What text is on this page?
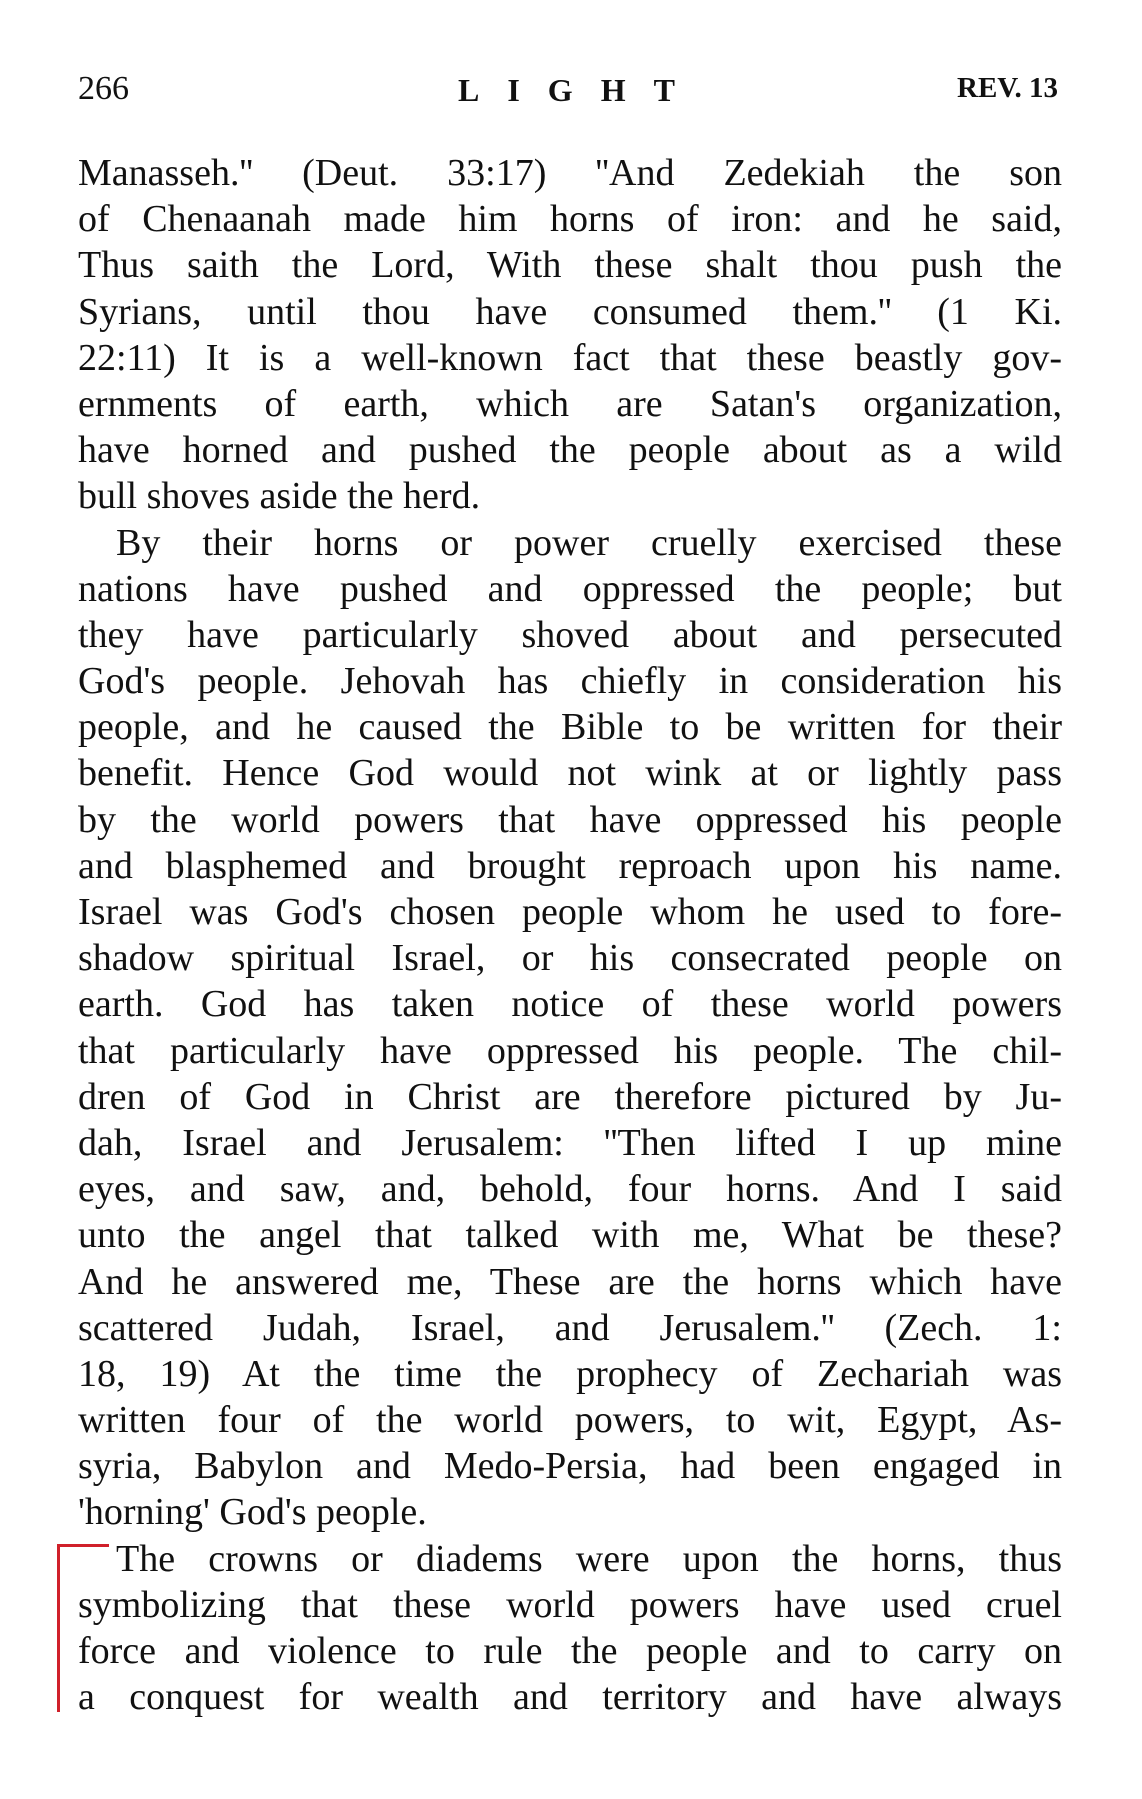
266	LIGHT	REV. 13
Manasseh.'' (Deut. 33:17) ''And Zedekiah the son
of Chenaanah made him horns of iron: and he said,
Thus saith the Lord, With these shalt thou push the
Syrians, until thou have consumed them.'' (1 Ki.
22:11) It is a well-known fact that these beastly gov-
ernments of earth, which are Satan's organization,
have horned and pushed the people about as a wild
bull shoves aside the herd.
By their horns or power cruelly exercised these
nations have pushed and oppressed the people; but
they have particularly shoved about and persecuted
God's people. Jehovah has chiefly in consideration his
people, and he caused the Bible to be written for their
benefit. Hence God would not wink at or lightly pass
by the world powers that have oppressed his people
and blasphemed and brought reproach upon his name.
Israel was God's chosen people whom he used to fore-
shadow spiritual Israel, or his consecrated people on
earth. God has taken notice of these world powers
that particularly have oppressed his people. The chil-
dren of God in Christ are therefore pictured by Ju-
dah, Israel and Jerusalem: ''Then lifted I up mine
eyes, and saw, and, behold, four horns. And I said
unto the angel that talked with me, What be these?
And he answered me, These are the horns which have
scattered Judah, Israel, and Jerusalem.'' (Zech. 1:
18, 19) At the time the prophecy of Zechariah was
written four of the world powers, to wit, Egypt, As-
syria, Babylon and Medo-Persia, had been engaged in
'horning' God's people.
The crowns or diadems were upon the horns, thus
symbolizing that these world powers have used cruel
force and violence to rule the people and to carry on
a conquest for wealth and territory and have always
